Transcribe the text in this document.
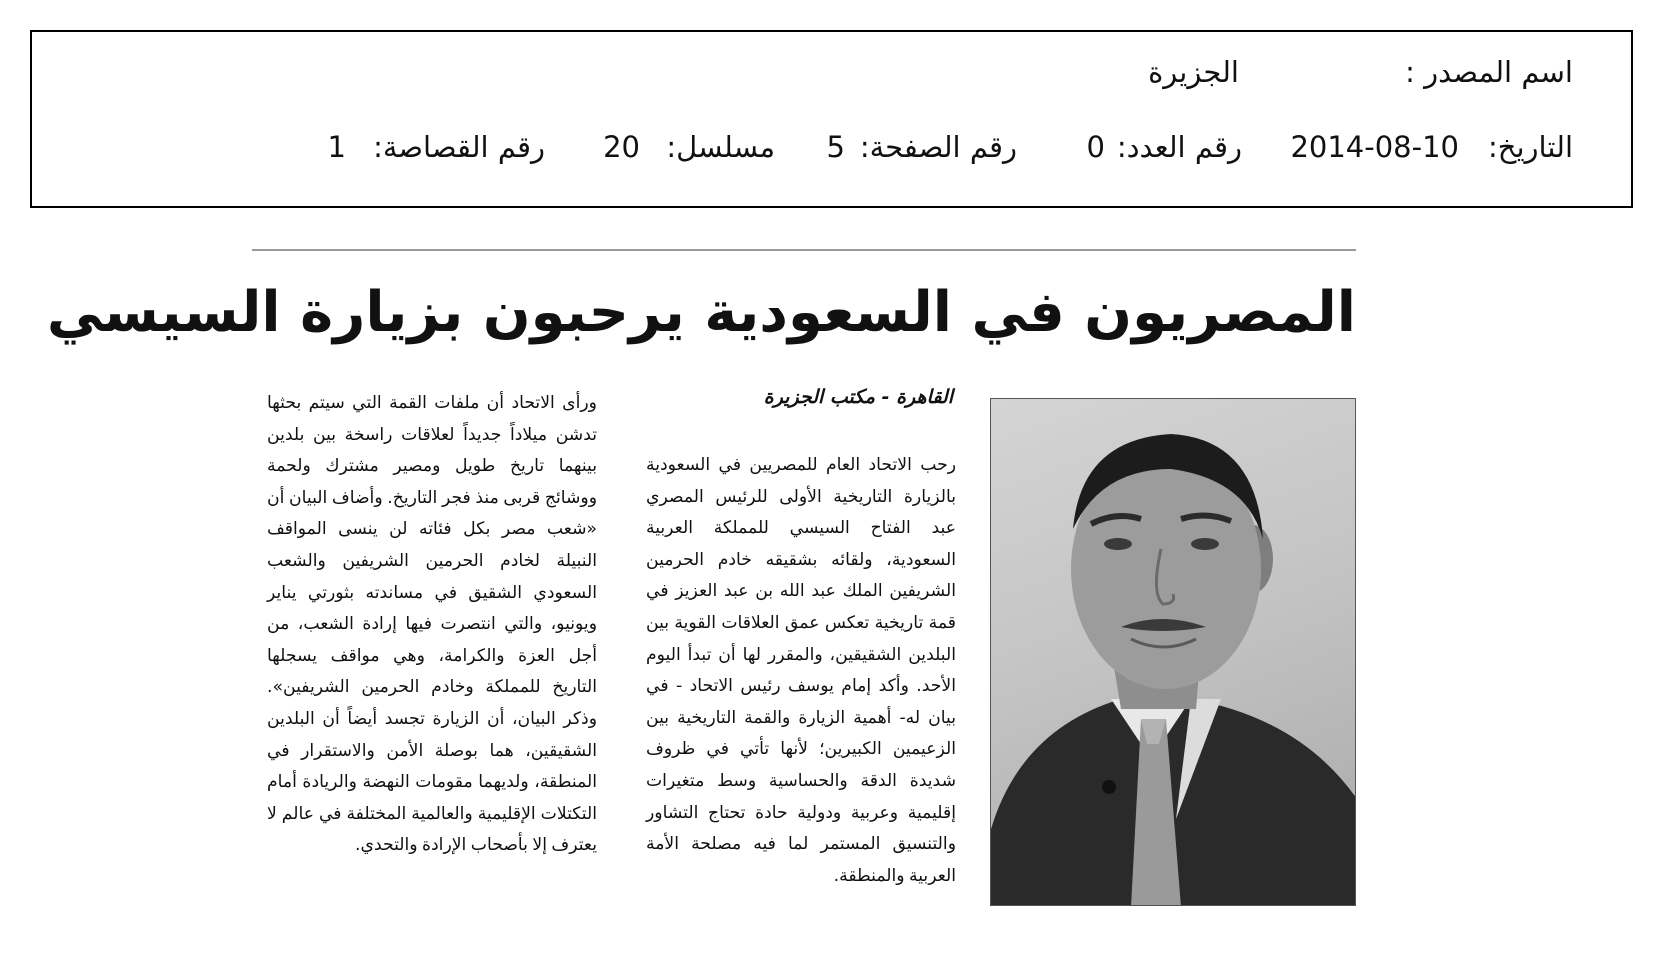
اسم المصدر :
الجزيرة
التاريخ:
2014-08-10
رقم العدد:
0
رقم الصفحة:
5
مسلسل:
20
رقم القصاصة:
1
المصريون في السعودية يرحبون بزيارة السيسي
القاهرة - مكتب الجزيرة
رحب الاتحاد العام للمصريين في السعودية بالزيارة التاريخية الأولى للرئيس المصري عبد الفتاح السيسي للمملكة العربية السعودية، ولقائه بشقيقه خادم الحرمين الشريفين الملك عبد الله بن عبد العزيز في قمة تاريخية تعكس عمق العلاقات القوية بين البلدين الشقيقين، والمقرر لها أن تبدأ اليوم الأحد. وأكد إمام يوسف رئيس الاتحاد - في بيان له- أهمية الزيارة والقمة التاريخية بين الزعيمين الكبيرين؛ لأنها تأتي في ظروف شديدة الدقة والحساسية وسط متغيرات إقليمية وعربية ودولية حادة تحتاج التشاور والتنسيق المستمر لما فيه مصلحة الأمة العربية والمنطقة.
ورأى الاتحاد أن ملفات القمة التي سيتم بحثها تدشن ميلاداً جديداً لعلاقات راسخة بين بلدين بينهما تاريخ طويل ومصير مشترك ولحمة ووشائج قربى منذ فجر التاريخ. وأضاف البيان أن «شعب مصر بكل فئاته لن ينسى المواقف النبيلة لخادم الحرمين الشريفين والشعب السعودي الشقيق في مساندته بثورتي يناير ويونيو، والتي انتصرت فيها إرادة الشعب، من أجل العزة والكرامة، وهي مواقف يسجلها التاريخ للمملكة وخادم الحرمين الشريفين». وذكر البيان، أن الزيارة تجسد أيضاً أن البلدين الشقيقين، هما بوصلة الأمن والاستقرار في المنطقة، ولديهما مقومات النهضة والريادة أمام التكتلات الإقليمية والعالمية المختلفة في عالم لا يعترف إلا بأصحاب الإرادة والتحدي.
